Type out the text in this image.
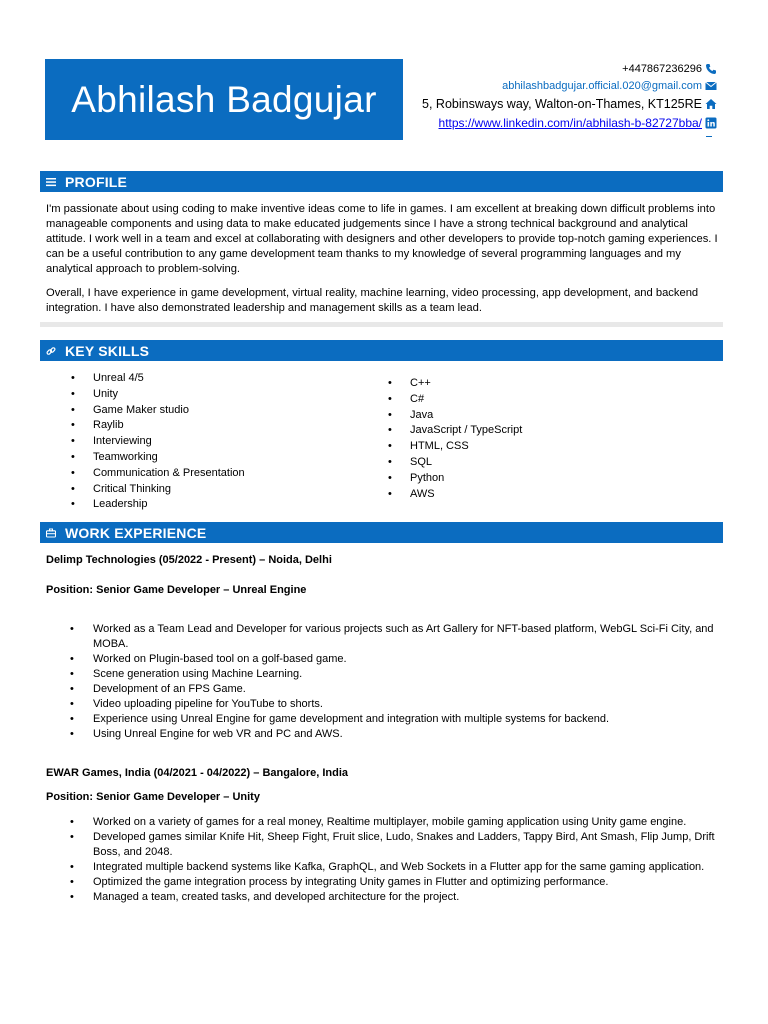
Abhilash Badgujar
+447867236296
abhilashbadgujar.official.020@gmail.com
5, Robinsways way, Walton-on-Thames, KT125RE
https://www.linkedin.com/in/abhilash-b-82727bba/
PROFILE

I'm passionate about using coding to make inventive ideas come to life in games. I am excellent at breaking down difficult problems into manageable components and using data to make educated judgements since I have a strong technical background and analytical attitude. I work well in a team and excel at collaborating with designers and other developers to provide top-notch gaming experiences. I can be a useful contribution to any game development team thanks to my knowledge of several programming languages and my analytical approach to problem-solving.

Overall, I have experience in game development, virtual reality, machine learning, video processing, app development, and backend integration. I have also demonstrated leadership and management skills as a team lead.

KEY SKILLS
• Unreal 4/5
• Unity
• Game Maker studio
• Raylib
• Interviewing
• Teamworking
• Communication & Presentation
• Critical Thinking
• Leadership
• C++
• C#
• Java
• JavaScript / TypeScript
• HTML, CSS
• SQL
• Python
• AWS
WORK EXPERIENCE
Delimp Technologies (05/2022 - Present) – Noida, Delhi
Position: Senior Game Developer – Unreal Engine
• Worked as a Team Lead and Developer for various projects such as Art Gallery for NFT-based platform, WebGL Sci-Fi City, and MOBA.
• Worked on Plugin-based tool on a golf-based game.
• Scene generation using Machine Learning.
• Development of an FPS Game.
• Video uploading pipeline for YouTube to shorts.
• Experience using Unreal Engine for game development and integration with multiple systems for backend.
• Using Unreal Engine for web VR and PC and AWS.
EWAR Games, India (04/2021 - 04/2022) – Bangalore, India
Position: Senior Game Developer – Unity
• Worked on a variety of games for a real money, Realtime multiplayer, mobile gaming application using Unity game engine.
• Developed games similar Knife Hit, Sheep Fight, Fruit slice, Ludo, Snakes and Ladders, Tappy Bird, Ant Smash, Flip Jump, Drift Boss, and 2048.
• Integrated multiple backend systems like Kafka, GraphQL, and Web Sockets in a Flutter app for the same gaming application.
• Optimized the game integration process by integrating Unity games in Flutter and optimizing performance.
• Managed a team, created tasks, and developed architecture for the project.
